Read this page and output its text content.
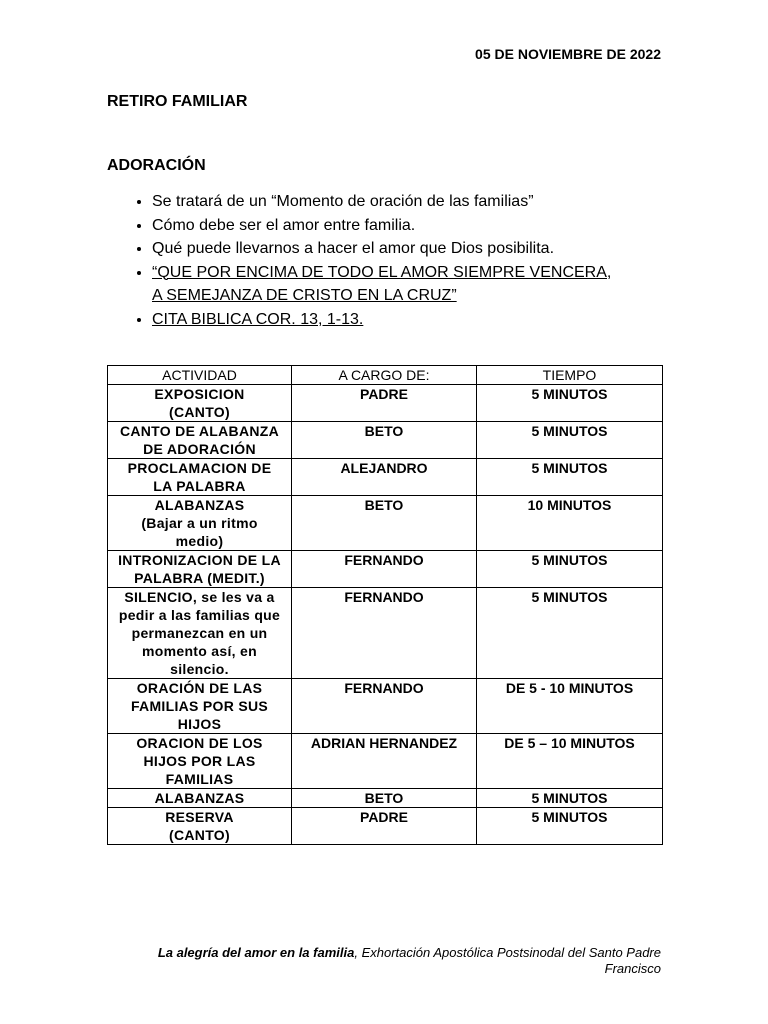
05 DE NOVIEMBRE DE 2022
RETIRO FAMILIAR
ADORACIÓN
• Se tratará de un “Momento de oración de las familias”
• Cómo debe ser el amor entre familia.
• Qué puede llevarnos a hacer el amor que Dios posibilita.
• “QUE POR ENCIMA DE TODO EL AMOR SIEMPRE VENCERA,
A SEMEJANZA DE CRISTO EN LA CRUZ”
• CITA BIBLICA COR. 13, 1-13.
ACTIVIDAD	A CARGO DE:	TIEMPO

EXPOSICION
(CANTO)	PADRE	5 MINUTOS

CANTO DE ALABANZA
DE ADORACIÓN	BETO	5 MINUTOS

PROCLAMACION DE
LA PALABRA	ALEJANDRO	5 MINUTOS

ALABANZAS
(Bajar a un ritmo
medio)	BETO	10 MINUTOS

INTRONIZACION DE LA
PALABRA (MEDIT.)	FERNANDO	5 MINUTOS

SILENCIO, se les va a
pedir a las familias que
permanezcan en un
momento así, en
silencio.	FERNANDO	5 MINUTOS

ORACIÓN DE LAS
FAMILIAS POR SUS
HIJOS	FERNANDO	DE 5 - 10 MINUTOS

ORACION DE LOS
HIJOS POR LAS
FAMILIAS	ADRIAN HERNANDEZ	DE 5 – 10 MINUTOS

ALABANZAS	BETO	5 MINUTOS

RESERVA
(CANTO)	PADRE	5 MINUTOS
La alegría del amor en la familia, Exhortación Apostólica Postsinodal del Santo Padre
Francisco
